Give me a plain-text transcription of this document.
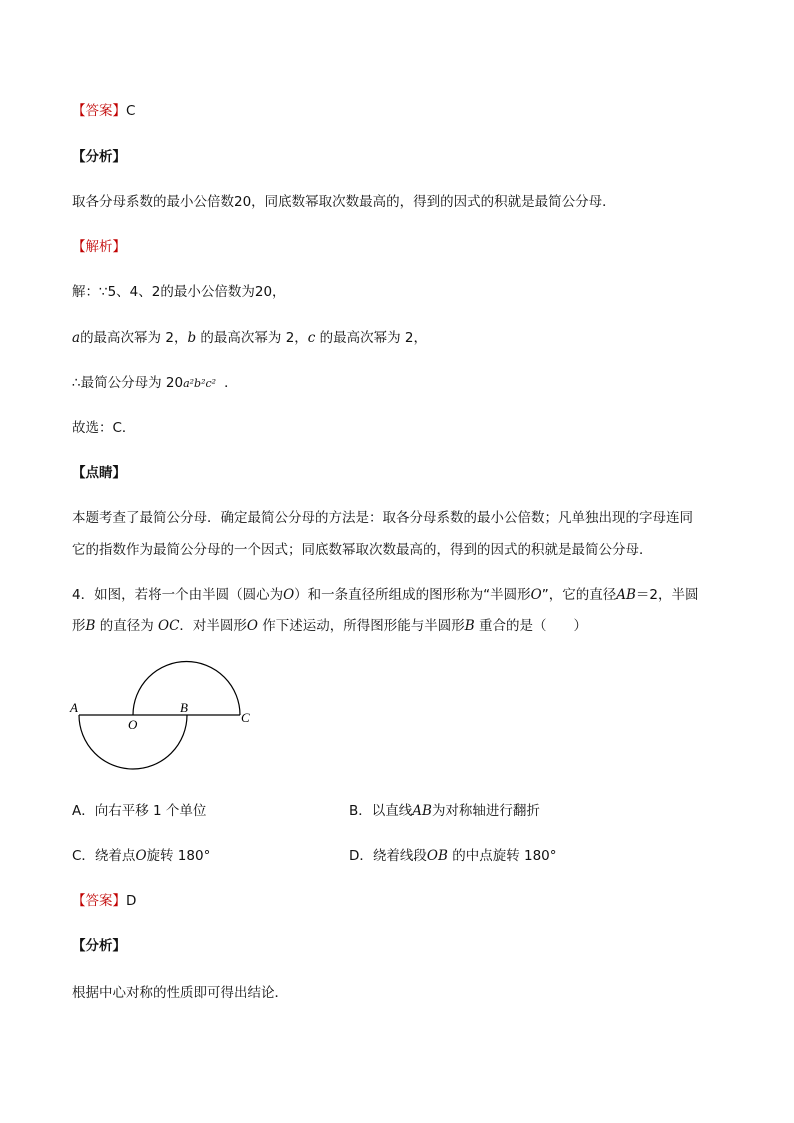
【答案】C
【分析】
取各分母系数的最小公倍数20，同底数幂取次数最高的，得到的因式的积就是最简公分母．
【解析】
解：∵5、4、2的最小公倍数为20，
a的最高次幂为 2，b 的最高次幂为 2，c 的最高次幂为 2，
∴最简公分母为 20a²b²c² ．
故选：C．
【点睛】
本题考查了最简公分母．确定最简公分母的方法是：取各分母系数的最小公倍数；凡单独出现的字母连同
它的指数作为最简公分母的一个因式；同底数幂取次数最高的，得到的因式的积就是最简公分母．
4．如图，若将一个由半圆（圆心为O）和一条直径所组成的图形称为“半圆形O”，它的直径AB＝2，半圆
形B 的直径为 OC．对半圆形O 作下述运动，所得图形能与半圆形B 重合的是（　　）
A
O
B
C
A．向右平移 1 个单位	B．以直线AB为对称轴进行翻折
C．绕着点O旋转 180°	D．绕着线段OB 的中点旋转 180°
【答案】D
【分析】
根据中心对称的性质即可得出结论．
